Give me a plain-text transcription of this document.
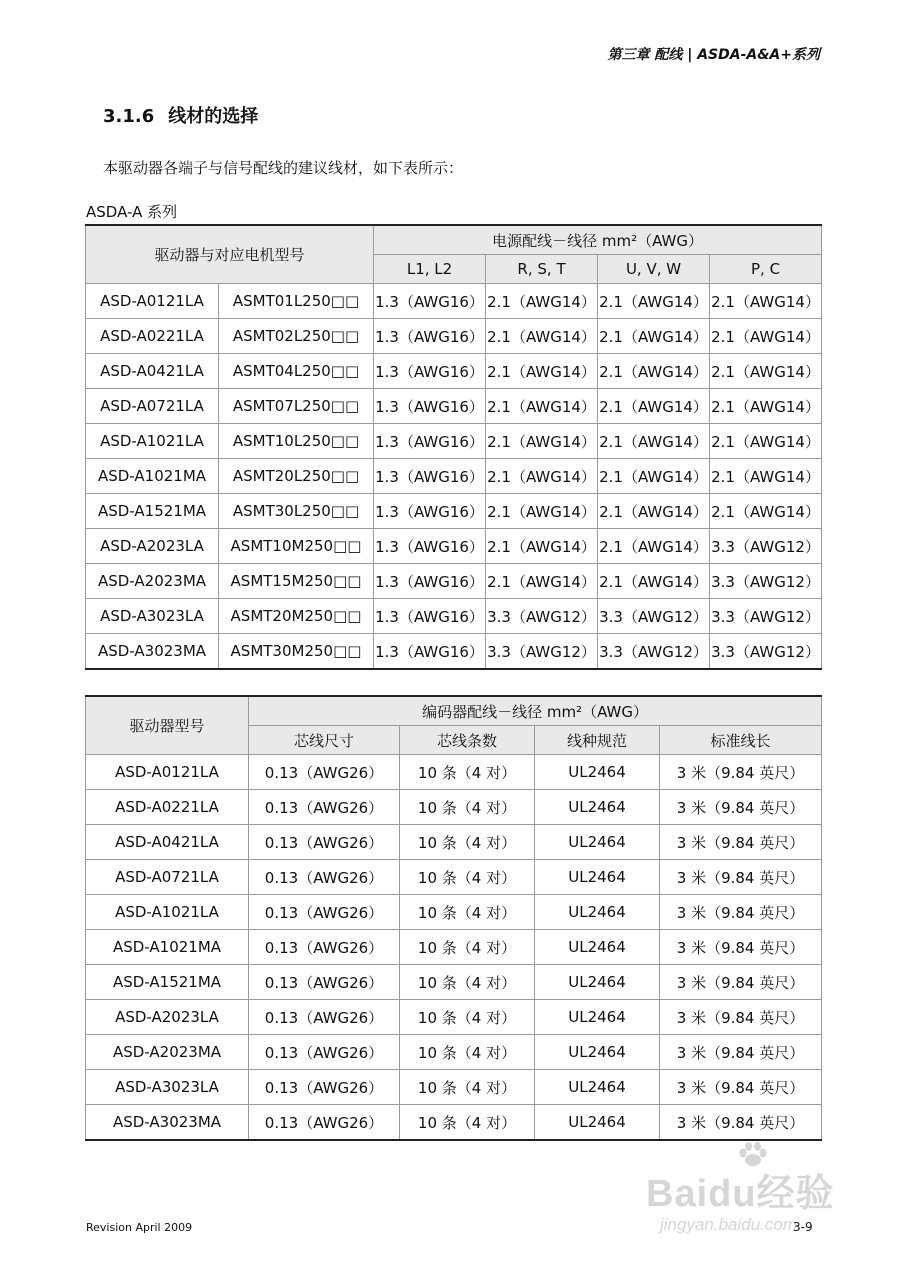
第三章 配线 | ASDA-A&A+系列
3.1.6 线材的选择
本驱动器各端子与信号配线的建议线材，如下表所示：
ASDA-A 系列
驱动器与对应电机型号		电源配线－线径 mm²（AWG）			
		L1, L2	R, S, T	U, V, W	P, C
ASD-A0121LA	ASMT01L250□□	1.3（AWG16）	2.1（AWG14）	2.1（AWG14）	2.1（AWG14）
ASD-A0221LA	ASMT02L250□□	1.3（AWG16）	2.1（AWG14）	2.1（AWG14）	2.1（AWG14）
ASD-A0421LA	ASMT04L250□□	1.3（AWG16）	2.1（AWG14）	2.1（AWG14）	2.1（AWG14）
ASD-A0721LA	ASMT07L250□□	1.3（AWG16）	2.1（AWG14）	2.1（AWG14）	2.1（AWG14）
ASD-A1021LA	ASMT10L250□□	1.3（AWG16）	2.1（AWG14）	2.1（AWG14）	2.1（AWG14）
ASD-A1021MA	ASMT20L250□□	1.3（AWG16）	2.1（AWG14）	2.1（AWG14）	2.1（AWG14）
ASD-A1521MA	ASMT30L250□□	1.3（AWG16）	2.1（AWG14）	2.1（AWG14）	2.1（AWG14）
ASD-A2023LA	ASMT10M250□□	1.3（AWG16）	2.1（AWG14）	2.1（AWG14）	3.3（AWG12）
ASD-A2023MA	ASMT15M250□□	1.3（AWG16）	2.1（AWG14）	2.1（AWG14）	3.3（AWG12）
ASD-A3023LA	ASMT20M250□□	1.3（AWG16）	3.3（AWG12）	3.3（AWG12）	3.3（AWG12）
ASD-A3023MA	ASMT30M250□□	1.3（AWG16）	3.3（AWG12）	3.3（AWG12）	3.3（AWG12）
驱动器型号	编码器配线－线径 mm²（AWG）			
	芯线尺寸	芯线条数	线种规范	标准线长
ASD-A0121LA	0.13（AWG26）	10 条（4 对）	UL2464	3 米（9.84 英尺）
ASD-A0221LA	0.13（AWG26）	10 条（4 对）	UL2464	3 米（9.84 英尺）
ASD-A0421LA	0.13（AWG26）	10 条（4 对）	UL2464	3 米（9.84 英尺）
ASD-A0721LA	0.13（AWG26）	10 条（4 对）	UL2464	3 米（9.84 英尺）
ASD-A1021LA	0.13（AWG26）	10 条（4 对）	UL2464	3 米（9.84 英尺）
ASD-A1021MA	0.13（AWG26）	10 条（4 对）	UL2464	3 米（9.84 英尺）
ASD-A1521MA	0.13（AWG26）	10 条（4 对）	UL2464	3 米（9.84 英尺）
ASD-A2023LA	0.13（AWG26）	10 条（4 对）	UL2464	3 米（9.84 英尺）
ASD-A2023MA	0.13（AWG26）	10 条（4 对）	UL2464	3 米（9.84 英尺）
ASD-A3023LA	0.13（AWG26）	10 条（4 对）	UL2464	3 米（9.84 英尺）
ASD-A3023MA	0.13（AWG26）	10 条（4 对）	UL2464	3 米（9.84 英尺）
Baidu经验
jingyan.baidu.com
Revision April 2009	3-9
